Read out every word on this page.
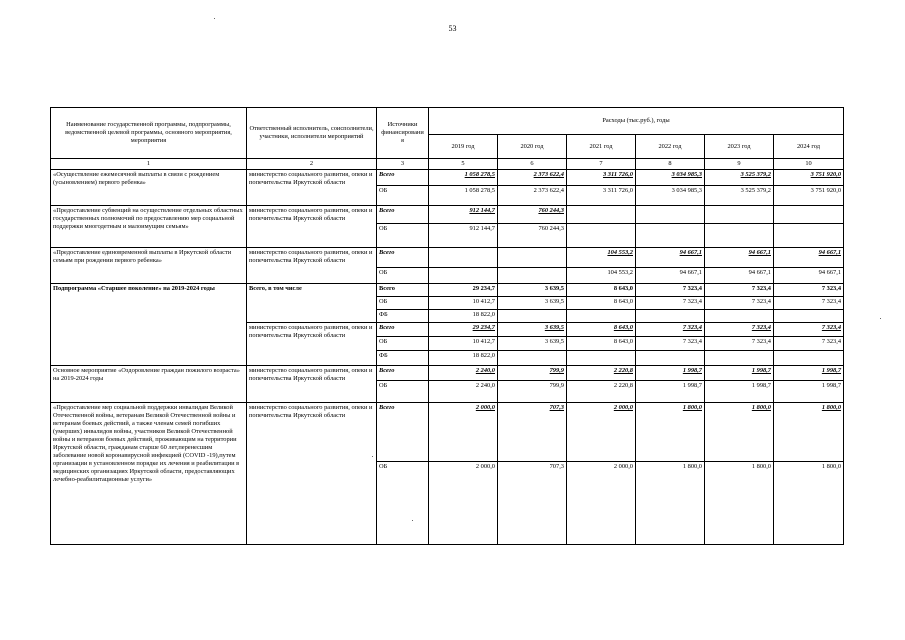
53
Наименование государственной программы, подпрограммы, ведомственной целевой программы, основного мероприятия, мероприятия	Ответственный исполнитель, соисполнители, участники, исполнители мероприятий	Источники финансировани я	Расходы (тыс.руб.), годы					
			2019 год	2020 год	2021 год	2022 год	2023 год	2024 год
1	2	3	5	6	7	8	9	10
«Осуществление ежемесячной выплаты в связи с рождением (усыновлением) первого ребенка»	министерство социального развития, опеки и попечительства Иркутской области	Всего	1 058 278,5	2 373 622,4	3 311 726,0	3 034 985,3	3 525 379,2	3 751 920,0
		ОБ	1 058 278,5	2 373 622,4	3 311 726,0	3 034 985,3	3 525 379,2	3 751 920,0
«Предоставление субвенций на осуществление отдельных областных государственных полномочий по предоставлению мер социальной поддержки многодетным и малоимущим семьям»	министерство социального развития, опеки и попечительства Иркутской области	Всего	912 144,7	760 244,3				
		ОБ	912 144,7	760 244,3				
«Предоставление единовременной выплаты в Иркутской области семьям при рождении первого ребенка»	министерство социального развития, опеки и попечительства Иркутской области	Всего			104 553,2	94 667,1	94 667,1	94 667,1
		ОБ			104 553,2	94 667,1	94 667,1	94 667,1
Подпрограмма «Старшее поколение» на 2019-2024 годы	Всего, в том числе	Всего	29 234,7	3 639,5	8 643,0	7 323,4	7 323,4	7 323,4
		ОБ	10 412,7	3 639,5	8 643,0	7 323,4	7 323,4	7 323,4
		ФБ	18 822,0					
	министерство социального развития, опеки и попечительства Иркутской области	Всего	29 234,7	3 639,5	8 643,0	7 323,4	7 323,4	7 323,4
		ОБ	10 412,7	3 639,5	8 643,0	7 323,4	7 323,4	7 323,4
		ФБ	18 822,0					
Основное мероприятие «Оздоровление граждан пожилого возраста» на 2019-2024 годы	министерство социального развития, опеки и попечительства Иркутской области	Всего	2 240,0	799,9	2 220,8	1 998,7	1 998,7	1 998,7
		ОБ	2 240,0	799,9	2 220,8	1 998,7	1 998,7	1 998,7
«Предоставление мер социальной поддержки инвалидам Великой Отечественной войны, ветеранам Великой Отечественной войны и ветеранам боевых действий, а также членам семей погибших (умерших) инвалидов войны, участников Великой Отечественной войны и ветеранов боевых действий, проживающим на территории Иркутской области, гражданам старше 60 лет,перенесшим заболевание новой коронавирусной инфекцией (COVID -19),путем организации в установленном порядке их лечения и реабилитации в медицинских организациях Иркутской области, предоставляющих лечебно-реабилитационные услуги»	министерство социального развития, опеки и попечительства Иркутской области	Всего	2 000,0	707,3	2 000,0	1 800,0	1 800,0	1 800,0
		ОБ	2 000,0	707,3	2 000,0	1 800,0	1 800,0	1 800,0
